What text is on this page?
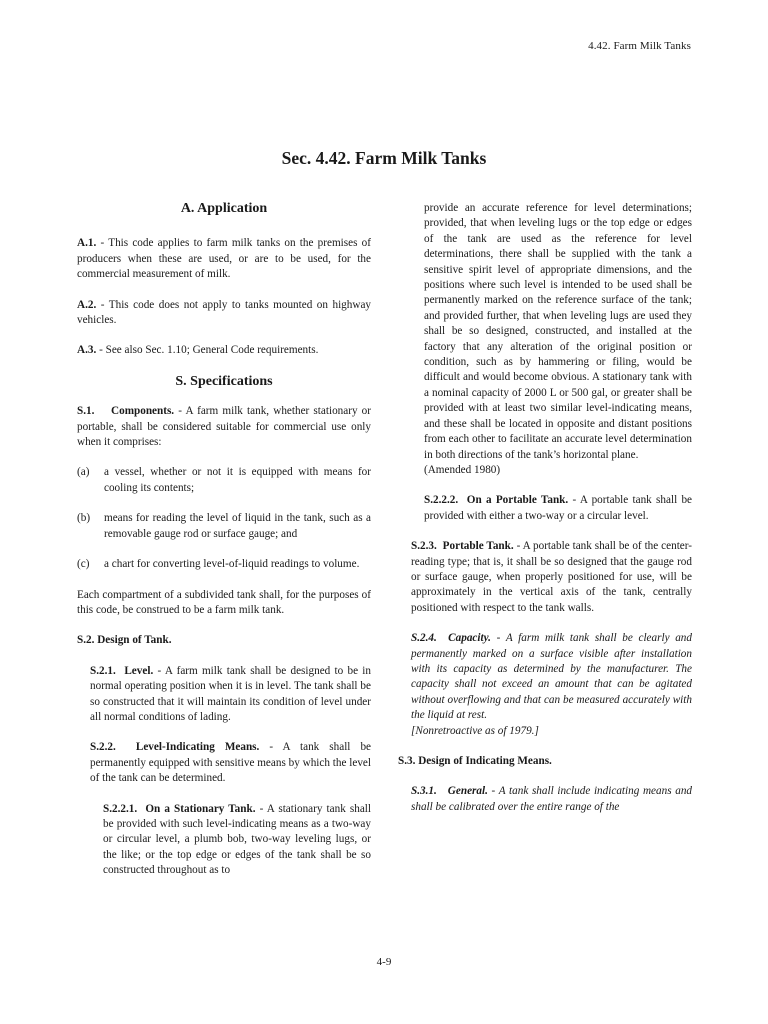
4.42. Farm Milk Tanks
Sec. 4.42. Farm Milk Tanks
A. Application

A.1. - This code applies to farm milk tanks on the premises of producers when these are used, or are to be used, for the commercial measurement of milk.

A.2. - This code does not apply to tanks mounted on highway vehicles.

A.3. - See also Sec. 1.10; General Code requirements.

S. Specifications

S.1. Components. - A farm milk tank, whether stationary or portable, shall be considered suitable for commercial use only when it comprises:

(a) a vessel, whether or not it is equipped with means for cooling its contents;

(b) means for reading the level of liquid in the tank, such as a removable gauge rod or surface gauge; and

(c) a chart for converting level-of-liquid readings to volume.

Each compartment of a subdivided tank shall, for the purposes of this code, be construed to be a farm milk tank.

S.2. Design of Tank.

S.2.1. Level. - A farm milk tank shall be designed to be in normal operating position when it is in level. The tank shall be so constructed that it will maintain its condition of level under all normal conditions of lading.

S.2.2. Level-Indicating Means. - A tank shall be permanently equipped with sensitive means by which the level of the tank can be determined.

S.2.2.1. On a Stationary Tank. - A stationary tank shall be provided with such level-indicating means as a two-way or circular level, a plumb bob, two-way leveling lugs, or the like; or the top edge or edges of the tank shall be so constructed throughout as to

provide an accurate reference for level determinations; provided, that when leveling lugs or the top edge or edges of the tank are used as the reference for level determinations, there shall be supplied with the tank a sensitive spirit level of appropriate dimensions, and the positions where such level is intended to be used shall be permanently marked on the reference surface of the tank; and provided further, that when leveling lugs are used they shall be so designed, constructed, and installed at the factory that any alteration of the original position or condition, such as by hammering or filing, would be difficult and would become obvious. A stationary tank with a nominal capacity of 2000 L or 500 gal, or greater shall be provided with at least two similar level-indicating means, and these shall be located in opposite and distant positions from each other to facilitate an accurate level determination in both directions of the tank’s horizontal plane.

(Amended 1980)

S.2.2.2. On a Portable Tank. - A portable tank shall be provided with either a two-way or a circular level.

S.2.3. Portable Tank. - A portable tank shall be of the center-reading type; that is, it shall be so designed that the gauge rod or surface gauge, when properly positioned for use, will be approximately in the vertical axis of the tank, centrally positioned with respect to the tank walls.

S.2.4. Capacity. - A farm milk tank shall be clearly and permanently marked on a surface visible after installation with its capacity as determined by the manufacturer. The capacity shall not exceed an amount that can be agitated without overflowing and that can be measured accurately with the liquid at rest.
[Nonretroactive as of 1979.]

S.3. Design of Indicating Means.

S.3.1. General. - A tank shall include indicating means and shall be calibrated over the entire range of the

4-9
